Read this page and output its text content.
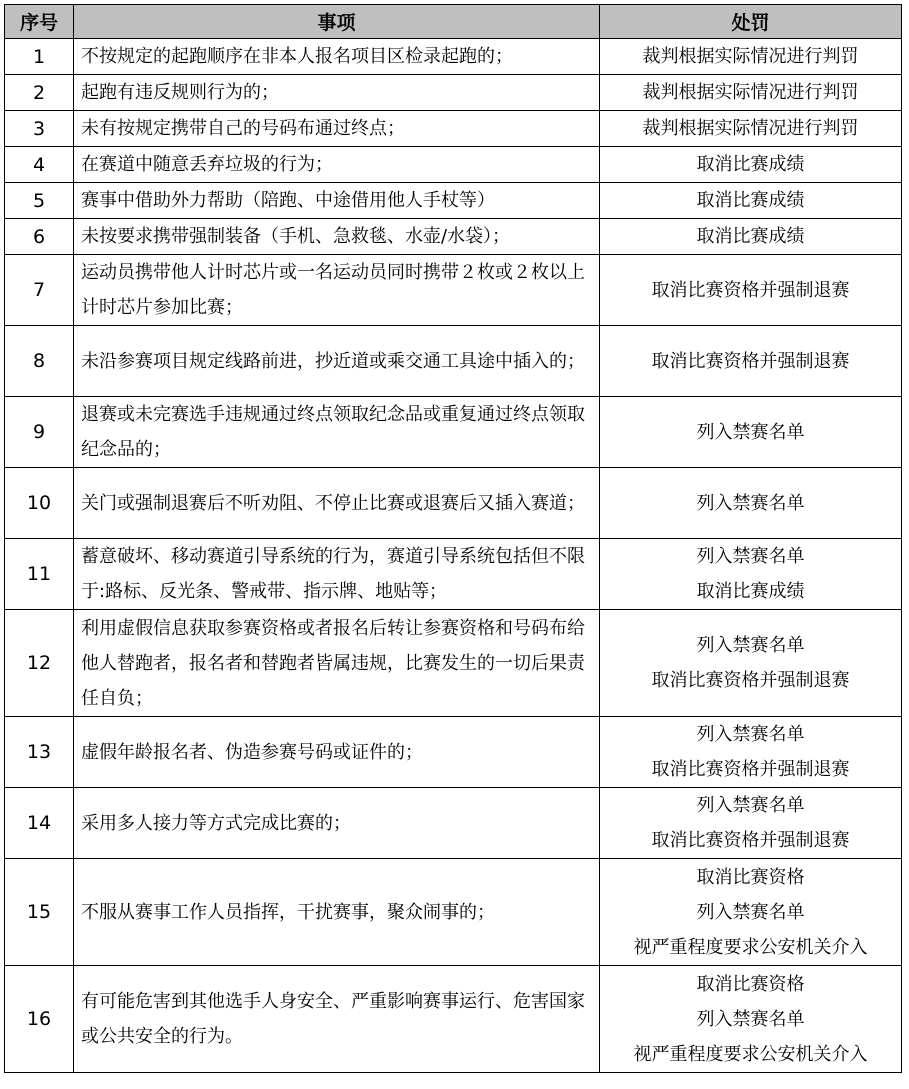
序号	事项	处罚
1	不按规定的起跑顺序在非本人报名项目区检录起跑的；	裁判根据实际情况进行判罚

2	起跑有违反规则行为的；	裁判根据实际情况进行判罚

3	未有按规定携带自己的号码布通过终点；	裁判根据实际情况进行判罚

4	在赛道中随意丢弃垃圾的行为；	取消比赛成绩

5	赛事中借助外力帮助（陪跑、中途借用他人手杖等）	取消比赛成绩

6	未按要求携带强制装备（手机、急救毯、水壶/水袋）；	取消比赛成绩

7	运动员携带他人计时芯片或一名运动员同时携带２枚或２枚以上计时芯片参加比赛；	取消比赛资格并强制退赛

8	未沿参赛项目规定线路前进，抄近道或乘交通工具途中插入的；	取消比赛资格并强制退赛

9	退赛或未完赛选手违规通过终点领取纪念品或重复通过终点领取纪念品的；	列入禁赛名单

10	关门或强制退赛后不听劝阻、不停止比赛或退赛后又插入赛道；	列入禁赛名单

11	蓄意破坏、移动赛道引导系统的行为，赛道引导系统包括但不限于:路标、反光条、警戒带、指示牌、地贴等；	列入禁赛名单
取消比赛成绩

12	利用虚假信息获取参赛资格或者报名后转让参赛资格和号码布给他人替跑者，报名者和替跑者皆属违规，比赛发生的一切后果责任自负；	列入禁赛名单
取消比赛资格并强制退赛

13	虚假年龄报名者、伪造参赛号码或证件的；	列入禁赛名单
取消比赛资格并强制退赛

14	采用多人接力等方式完成比赛的；	列入禁赛名单
取消比赛资格并强制退赛

15	不服从赛事工作人员指挥，干扰赛事，聚众闹事的；	取消比赛资格
列入禁赛名单
视严重程度要求公安机关介入

16	有可能危害到其他选手人身安全、严重影响赛事运行、危害国家或公共安全的行为。	取消比赛资格
列入禁赛名单
视严重程度要求公安机关介入
